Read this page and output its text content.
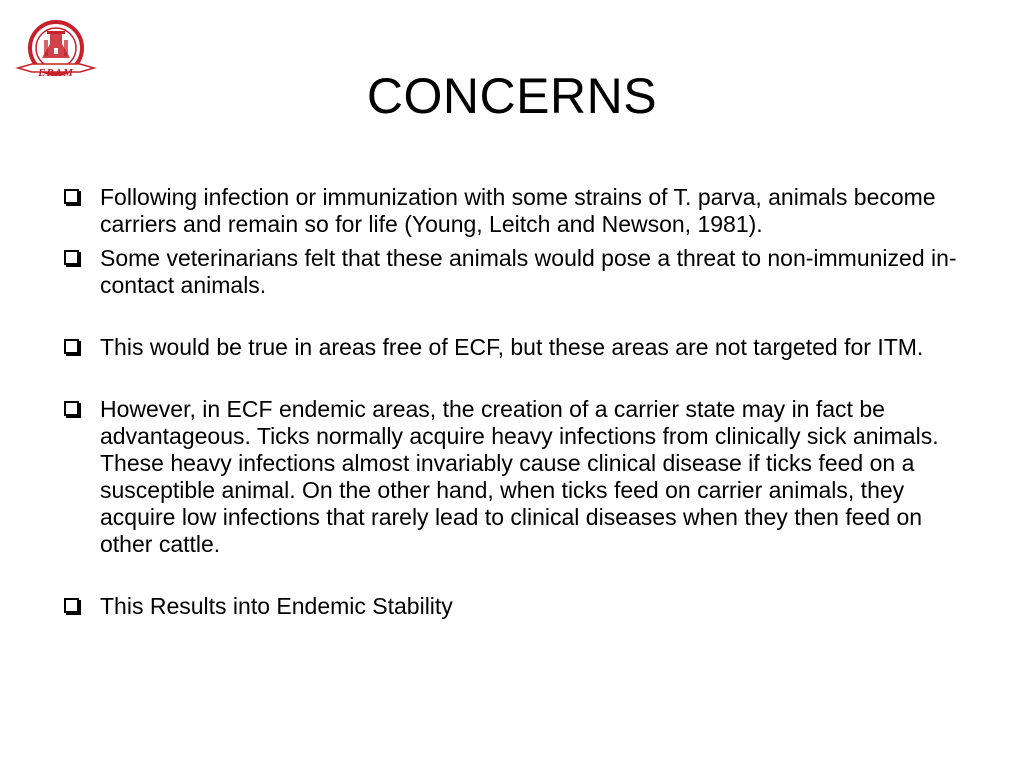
ERAM	CONCERNS
Following infection or immunization with some strains of T. parva, animals become carriers and remain so for life (Young, Leitch and Newson, 1981).
Some veterinarians felt that these animals would pose a threat to non-immunized in-contact animals.
This would be true in areas free of ECF, but these areas are not targeted for ITM.
However, in ECF endemic areas, the creation of a carrier state may in fact be advantageous. Ticks normally acquire heavy infections from clinically sick animals. These heavy infections almost invariably cause clinical disease if ticks feed on a susceptible animal. On the other hand, when ticks feed on carrier animals, they acquire low infections that rarely lead to clinical diseases when they then feed on other cattle.
This Results into Endemic Stability
